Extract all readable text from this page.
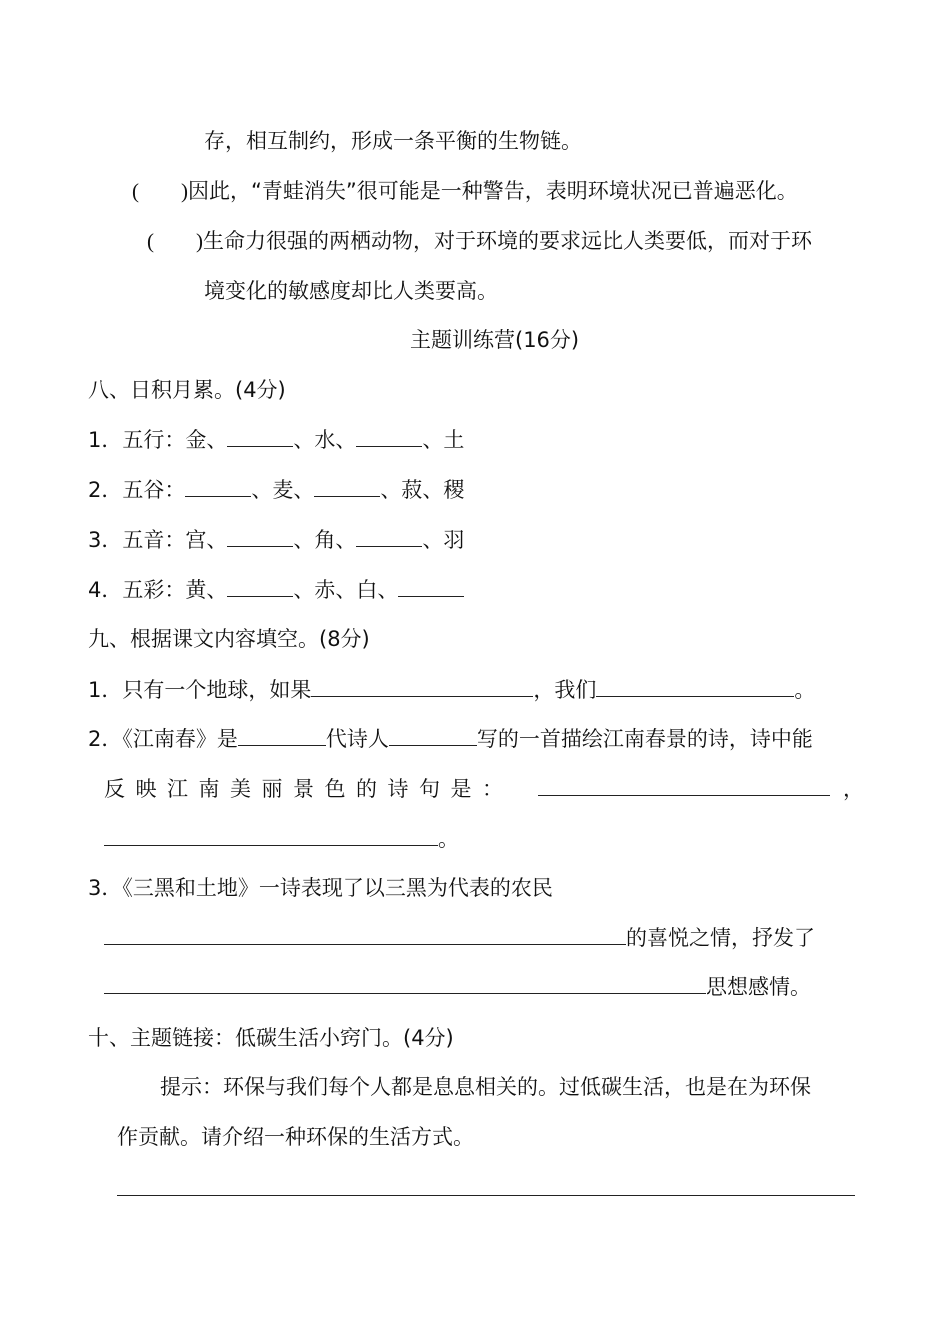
存，相互制约，形成一条平衡的生物链。
(　　)因此，“青蛙消失”很可能是一种警告，表明环境状况已普遍恶化。
(　　)生命力很强的两栖动物，对于环境的要求远比人类要低，而对于环
境变化的敏感度却比人类要高。
主题训练营(16分)
八、日积月累。(4分)
1．五行：金、	、水、	、土
2．五谷：	、麦、	、菽、稷
3．五音：宫、	、角、	、羽
4．五彩：黄、	、赤、白、
九、根据课文内容填空。(8分)
1．只有一个地球，如果	，我们	。
2．《江南春》是	代诗人	写的一首描绘江南春景的诗，诗中能
反映江南美丽景色的诗句是：	，
。
3．《三黑和土地》一诗表现了以三黑为代表的农民
的喜悦之情，抒发了
思想感情。
十、主题链接：低碳生活小窍门。(4分)
提示：环保与我们每个人都是息息相关的。过低碳生活，也是在为环保
作贡献。请介绍一种环保的生活方式。
